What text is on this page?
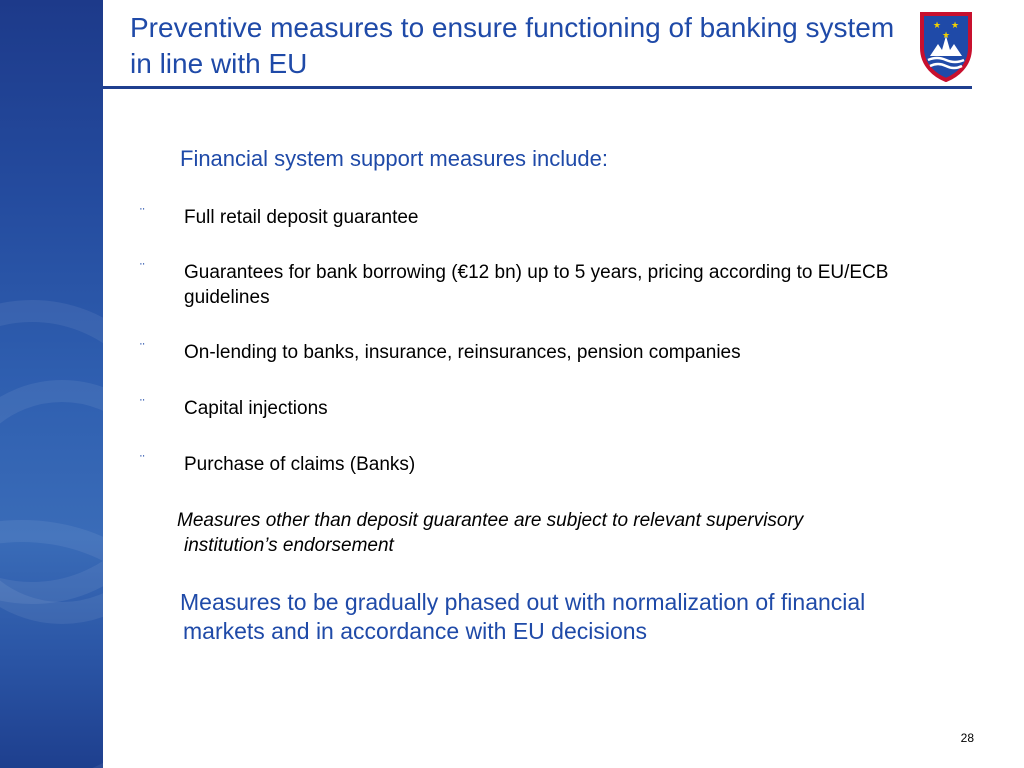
Preventive measures to ensure functioning of banking system in line with EU
★ ★
★
Financial system support measures include:
¨	Full retail deposit guarantee
¨	Guarantees for bank borrowing (€12 bn) up to 5 years, pricing according to EU/ECB guidelines
¨	On-lending to banks, insurance, reinsurances, pension companies
¨	Capital injections
¨	Purchase of claims (Banks)
Measures other than deposit guarantee are subject to relevant supervisory
institution’s endorsement
Measures to be gradually phased out with normalization of financial
markets and in accordance with EU decisions
28
